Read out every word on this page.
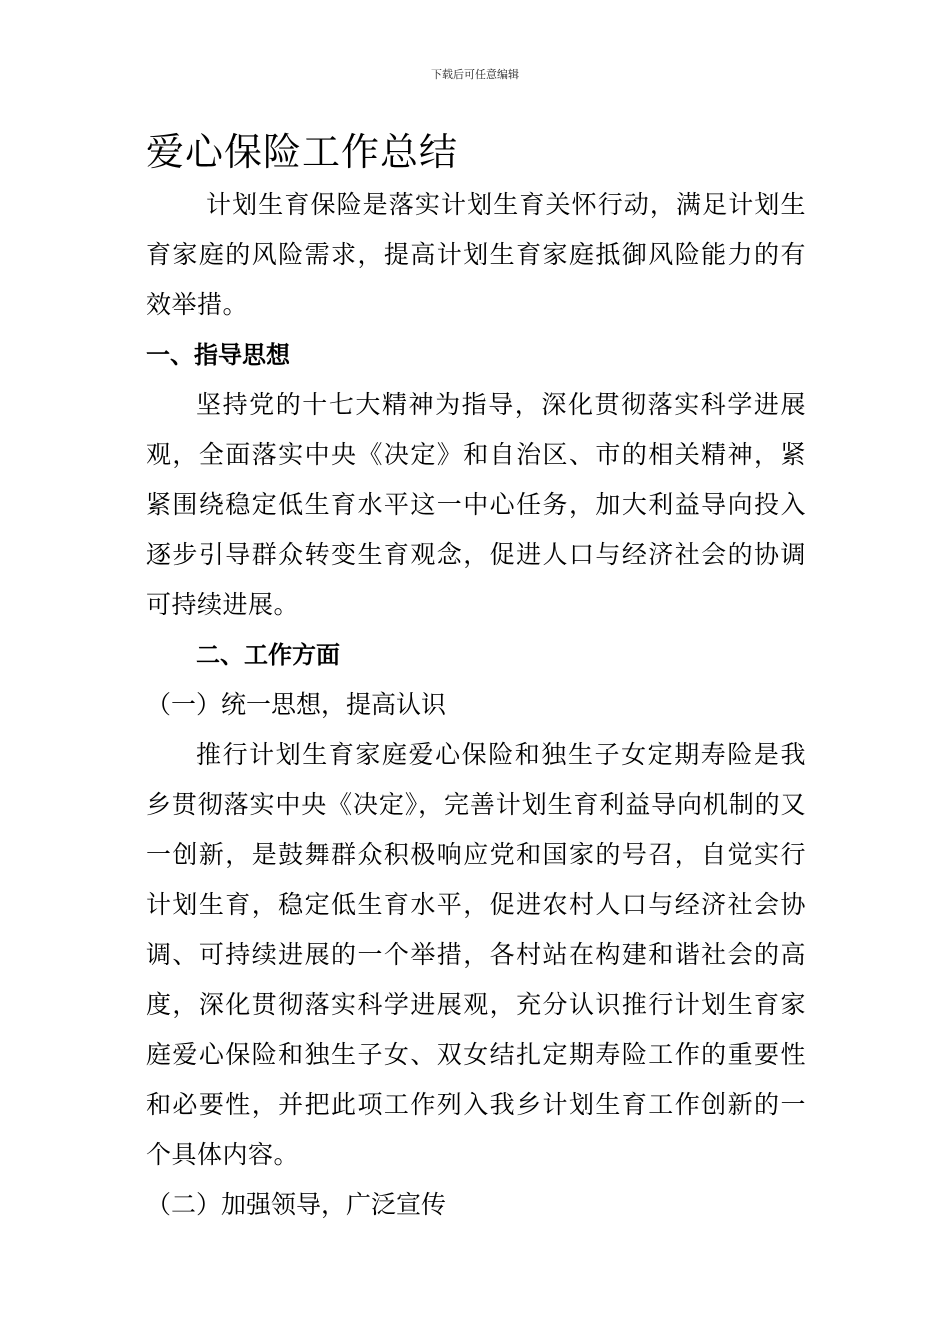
下载后可任意编辑
爱心保险工作总结

计划生育保险是落实计划生育关怀行动，满足计划生育家庭的风险需求，提高计划生育家庭抵御风险能力的有效举措。

一、指导思想

坚持党的十七大精神为指导，深化贯彻落实科学进展观，全面落实中央《决定》和自治区、市的相关精神，紧紧围绕稳定低生育水平这一中心任务，加大利益导向投入逐步引导群众转变生育观念，促进人口与经济社会的协调可持续进展。

二、工作方面
（一）统一思想，提高认识

推行计划生育家庭爱心保险和独生子女定期寿险是我乡贯彻落实中央《决定》，完善计划生育利益导向机制的又一创新，是鼓舞群众积极响应党和国家的号召，自觉实行计划生育，稳定低生育水平，促进农村人口与经济社会协调、可持续进展的一个举措，各村站在构建和谐社会的高度，深化贯彻落实科学进展观，充分认识推行计划生育家庭爱心保险和独生子女、双女结扎定期寿险工作的重要性和必要性，并把此项工作列入我乡计划生育工作创新的一个具体内容。

（二）加强领导，广泛宣传
